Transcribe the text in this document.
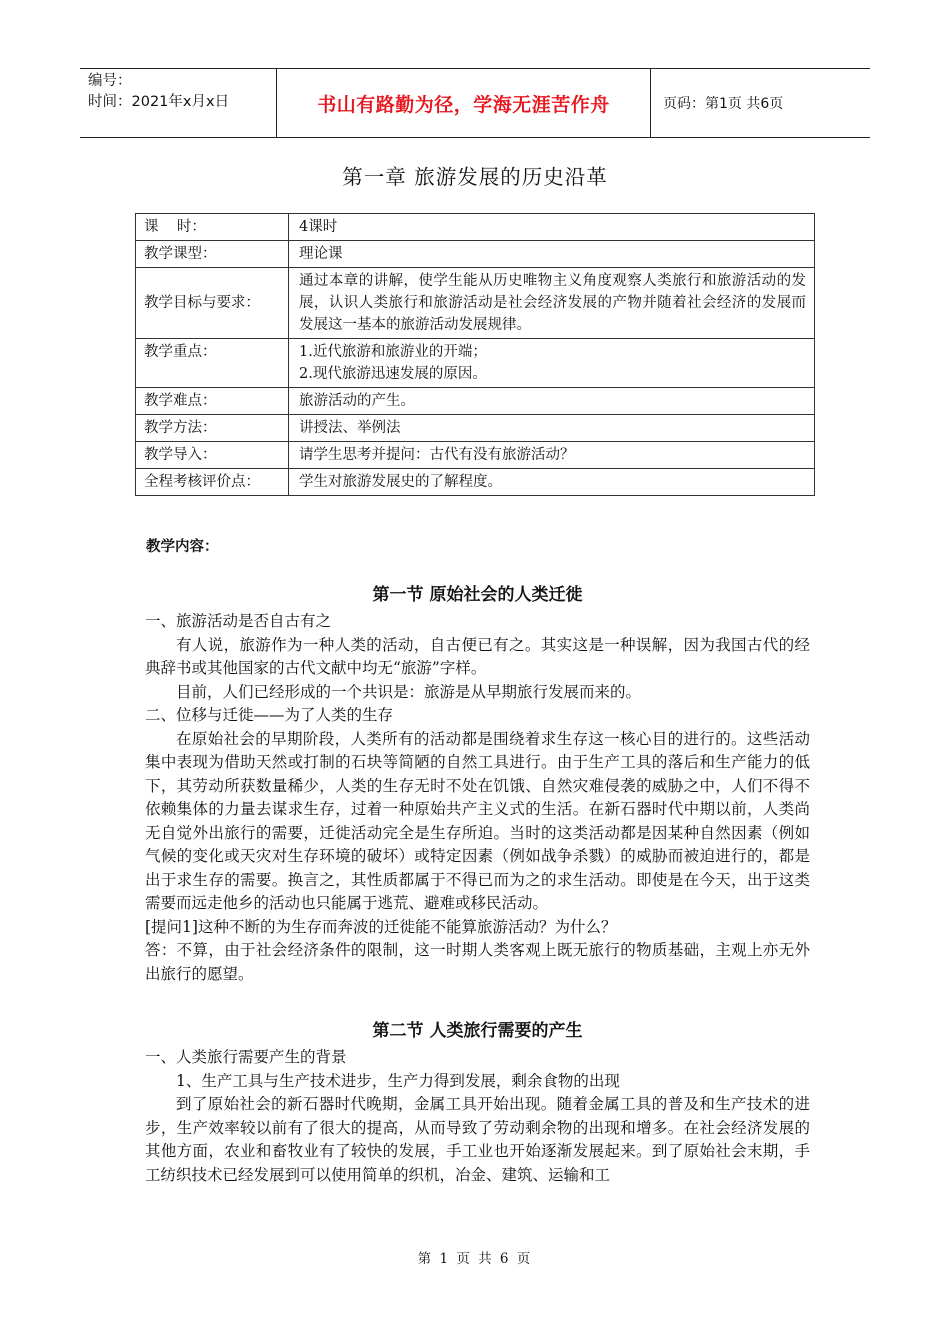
编号：
时间：2021年x月x日	书山有路勤为径，学海无涯苦作舟	页码：第1页 共6页
第一章 旅游发展的历史沿革
课    时：	4课时
教学课型：	理论课
教学目标与要求：	通过本章的讲解，使学生能从历史唯物主义角度观察人类旅行和旅游活动的发展，认识人类旅行和旅游活动是社会经济发展的产物并随着社会经济的发展而发展这一基本的旅游活动发展规律。
教学重点：	1.近代旅游和旅游业的开端；
2.现代旅游迅速发展的原因。

教学难点：	旅游活动的产生。
教学方法：	讲授法、举例法
教学导入：	请学生思考并提问：古代有没有旅游活动？
全程考核评价点：	学生对旅游发展史的了解程度。
教学内容：
第一节 原始社会的人类迁徙

一、旅游活动是否自古有之

有人说，旅游作为一种人类的活动，自古便已有之。其实这是一种误解，因为我国古代的经典辞书或其他国家的古代文献中均无“旅游”字样。

目前，人们已经形成的一个共识是：旅游是从早期旅行发展而来的。

二、位移与迁徙——为了人类的生存

在原始社会的早期阶段，人类所有的活动都是围绕着求生存这一核心目的进行的。这些活动集中表现为借助天然或打制的石块等简陋的自然工具进行。由于生产工具的落后和生产能力的低下，其劳动所获数量稀少，人类的生存无时不处在饥饿、自然灾难侵袭的威胁之中，人们不得不依赖集体的力量去谋求生存，过着一种原始共产主义式的生活。在新石器时代中期以前，人类尚无自觉外出旅行的需要，迁徙活动完全是生存所迫。当时的这类活动都是因某种自然因素（例如气候的变化或天灾对生存环境的破坏）或特定因素（例如战争杀戮）的威胁而被迫进行的，都是出于求生存的需要。换言之，其性质都属于不得已而为之的求生活动。即使是在今天，出于这类需要而远走他乡的活动也只能属于逃荒、避难或移民活动。

[提问1]这种不断的为生存而奔波的迁徙能不能算旅游活动？为什么？

答：不算，由于社会经济条件的限制，这一时期人类客观上既无旅行的物质基础，主观上亦无外出旅行的愿望。

第二节 人类旅行需要的产生

一、人类旅行需要产生的背景

1、生产工具与生产技术进步，生产力得到发展，剩余食物的出现

到了原始社会的新石器时代晚期，金属工具开始出现。随着金属工具的普及和生产技术的进步，生产效率较以前有了很大的提高，从而导致了劳动剩余物的出现和增多。在社会经济发展的其他方面，农业和畜牧业有了较快的发展，手工业也开始逐渐发展起来。到了原始社会末期，手工纺织技术已经发展到可以使用简单的织机，冶金、建筑、运输和工

第 1 页 共 6 页
